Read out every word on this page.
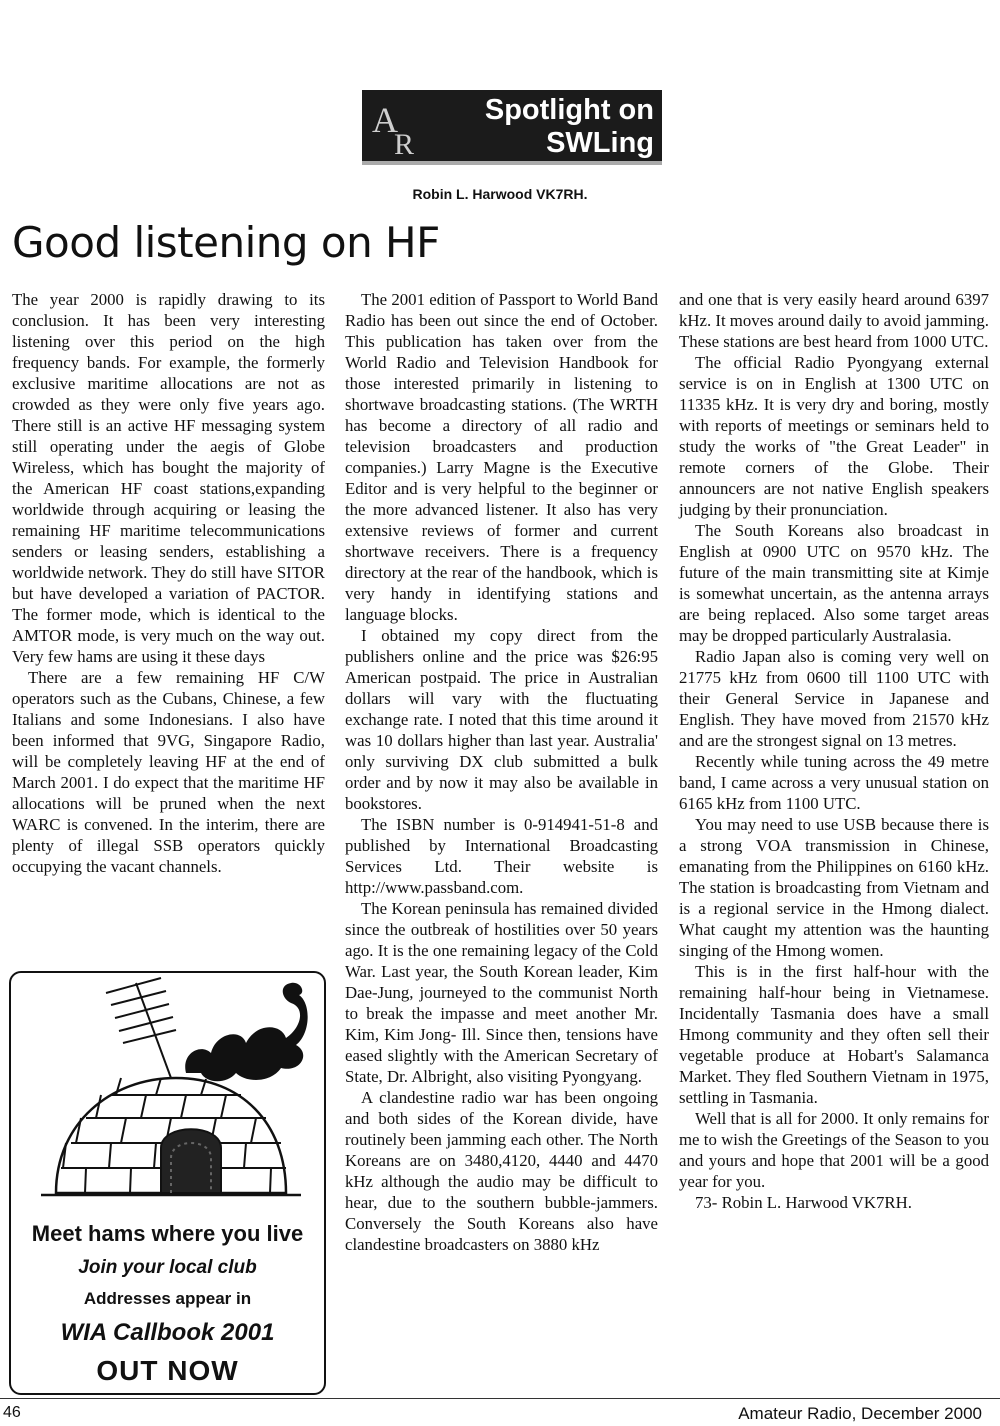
A
R
Spotlight on
SWLing
Robin L. Harwood VK7RH.
Good listening on HF

The year 2000 is rapidly drawing to its conclusion. It has been very interesting listening over this period on the high frequency bands. For example, the formerly exclusive maritime allocations are not as crowded as they were only five years ago. There still is an active HF messaging system still operating under the aegis of Globe Wireless, which has bought the majority of the American HF coast stations,expanding worldwide through acquiring or leasing the remaining HF maritime telecommunications senders or leasing senders, establishing a worldwide network. They do still have SITOR but have developed a variation of PACTOR. The former mode, which is identical to the AMTOR mode, is very much on the way out. Very few hams are using it these days

There are a few remaining HF C/W operators such as the Cubans, Chinese, a few Italians and some Indonesians. I also have been informed that 9VG, Singapore Radio, will be completely leaving HF at the end of March 2001. I do expect that the maritime HF allocations will be pruned when the next WARC is convened. In the interim, there are plenty of illegal SSB operators quickly occupying the vacant channels.

The 2001 edition of Passport to World Band Radio has been out since the end of October. This publication has taken over from the World Radio and Television Handbook for those interested primarily in listening to shortwave broadcasting stations. (The WRTH has become a directory of all radio and television broadcasters and production companies.) Larry Magne is the Executive Editor and is very helpful to the beginner or the more advanced listener. It also has very extensive reviews of former and current shortwave receivers. There is a frequency directory at the rear of the handbook, which is very handy in identifying stations and language blocks.

I obtained my copy direct from the publishers online and the price was $26:95 American postpaid. The price in Australian dollars will vary with the fluctuating exchange rate. I noted that this time around it was 10 dollars higher than last year. Australia' only surviving DX club submitted a bulk order and by now it may also be available in bookstores.

The ISBN number is 0-914941-51-8 and published by International Broadcasting Services Ltd. Their website is http://www.passband.com.

The Korean peninsula has remained divided since the outbreak of hostilities over 50 years ago. It is the one remaining legacy of the Cold War. Last year, the South Korean leader, Kim Dae-Jung, journeyed to the communist North to break the impasse and meet another Mr. Kim, Kim Jong- Ill. Since then, tensions have eased slightly with the American Secretary of State, Dr. Albright, also visiting Pyongyang.

A clandestine radio war has been ongoing and both sides of the Korean divide, have routinely been jamming each other. The North Koreans are on 3480,4120, 4440 and 4470 kHz although the audio may be difficult to hear, due to the southern bubble-jammers. Conversely the South Koreans also have clandestine broadcasters on 3880 kHz

and one that is very easily heard around 6397 kHz. It moves around daily to avoid jamming. These stations are best heard from 1000 UTC.

The official Radio Pyongyang external service is on in English at 1300 UTC on 11335 kHz. It is very dry and boring, mostly with reports of meetings or seminars held to study the works of "the Great Leader" in remote corners of the Globe. Their announcers are not native English speakers judging by their pronunciation.

The South Koreans also broadcast in English at 0900 UTC on 9570 kHz. The future of the main transmitting site at Kimje is somewhat uncertain, as the antenna arrays are being replaced. Also some target areas may be dropped particularly Australasia.

Radio Japan also is coming very well on 21775 kHz from 0600 till 1100 UTC with their General Service in Japanese and English. They have moved from 21570 kHz and are the strongest signal on 13 metres.

Recently while tuning across the 49 metre band, I came across a very unusual station on 6165 kHz from 1100 UTC.

You may need to use USB because there is a strong VOA transmission in Chinese, emanating from the Philippines on 6160 kHz. The station is broadcasting from Vietnam and is a regional service in the Hmong dialect. What caught my attention was the haunting singing of the Hmong women.

This is in the first half-hour with the remaining half-hour being in Vietnamese. Incidentally Tasmania does have a small Hmong community and they often sell their vegetable produce at Hobart's Salamanca Market. They fled Southern Vietnam in 1975, settling in Tasmania.

Well that is all for 2000. It only remains for me to wish the Greetings of the Season to you and yours and hope that 2001 will be a good year for you.

73- Robin L. Harwood VK7RH.

Meet hams where you live
Join your local club
Addresses appear in
WIA Callbook 2001
OUT NOW
46	Amateur Radio, December 2000
